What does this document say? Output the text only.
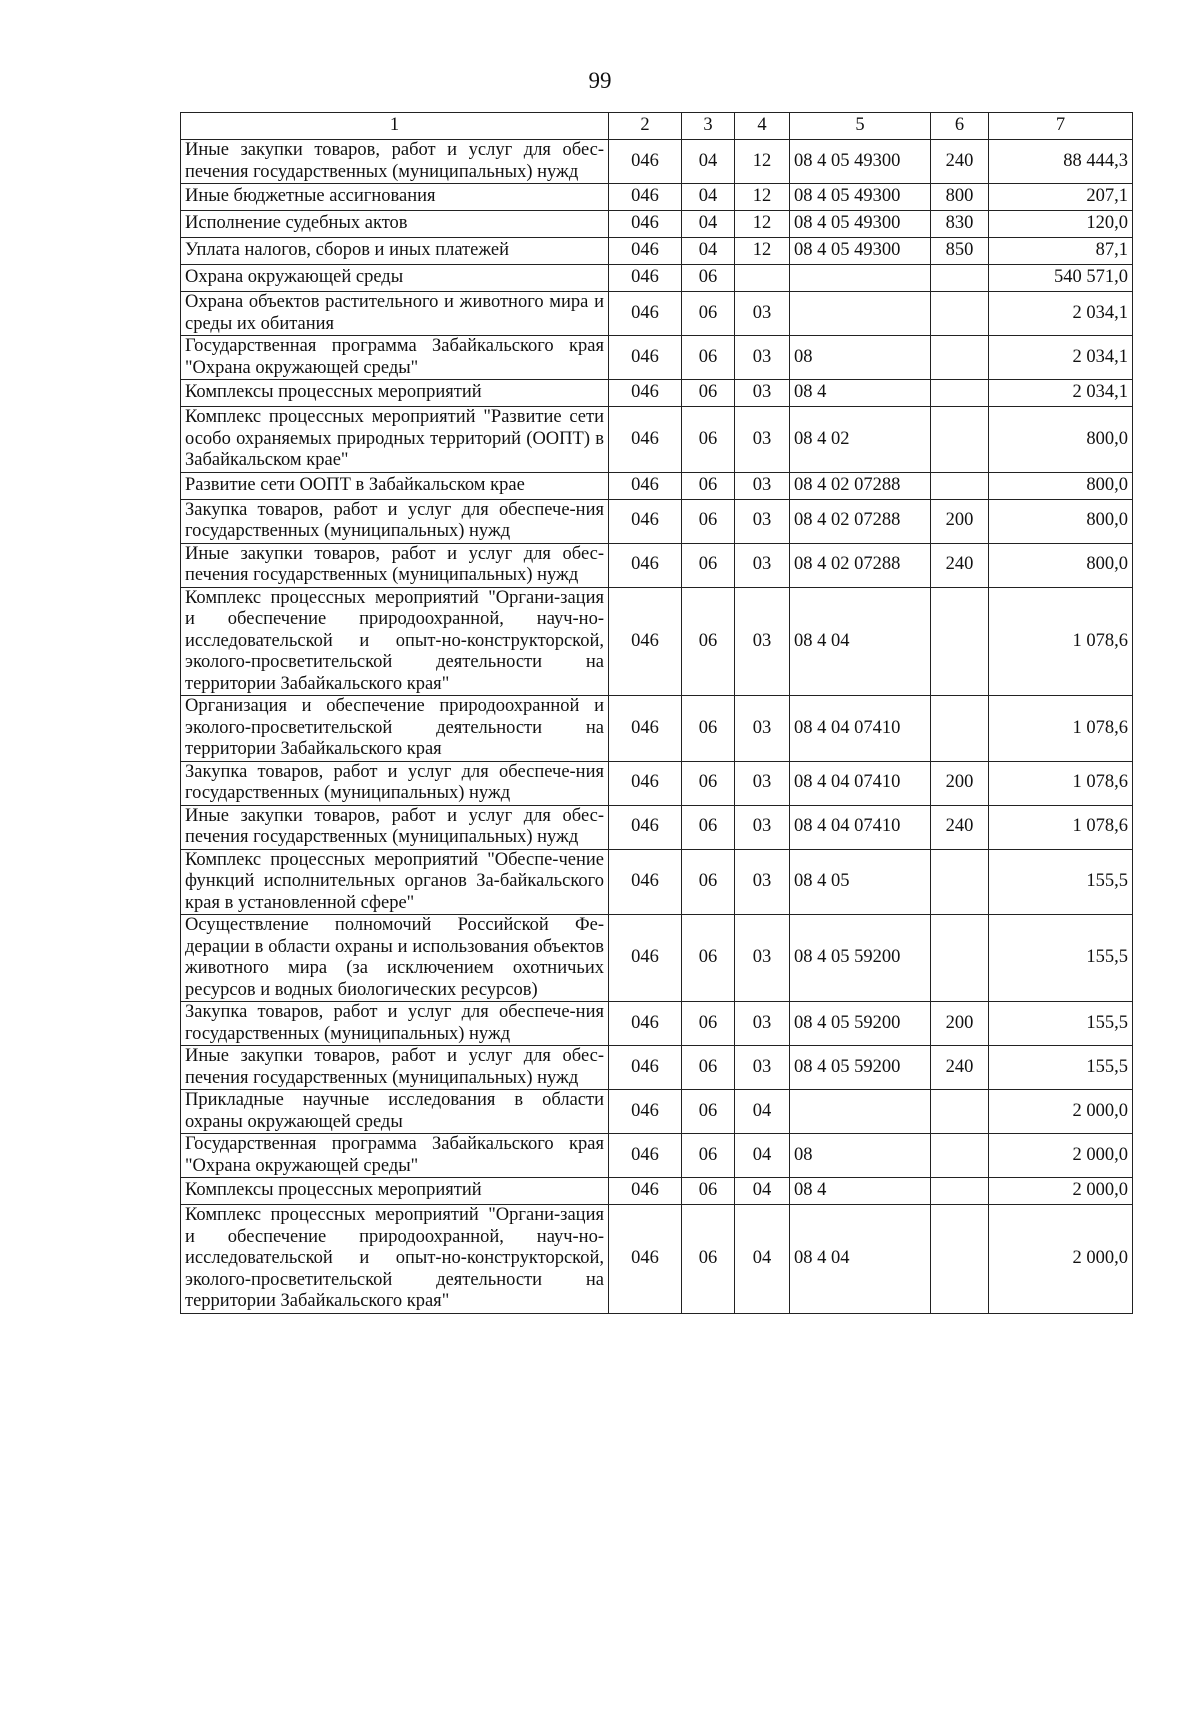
99
1	2	3	4	5	6	7
Иные закупки товаров, работ и услуг для обес-печения государственных (муниципальных) нужд	046	04	12	08 4 05 49300	240	88 444,3
Иные бюджетные ассигнования	046	04	12	08 4 05 49300	800	207,1
Исполнение судебных актов	046	04	12	08 4 05 49300	830	120,0
Уплата налогов, сборов и иных платежей	046	04	12	08 4 05 49300	850	87,1
Охрана окружающей среды	046	06				540 571,0
Охрана объектов растительного и животного мира и среды их обитания	046	06	03			2 034,1
Государственная программа Забайкальского края "Охрана окружающей среды"	046	06	03	08		2 034,1
Комплексы процессных мероприятий	046	06	03	08 4		2 034,1
Комплекс процессных мероприятий "Развитие сети особо охраняемых природных территорий (ООПТ) в Забайкальском крае"	046	06	03	08 4 02		800,0
Развитие сети ООПТ в Забайкальском крае	046	06	03	08 4 02 07288		800,0
Закупка товаров, работ и услуг для обеспече-ния государственных (муниципальных) нужд	046	06	03	08 4 02 07288	200	800,0
Иные закупки товаров, работ и услуг для обес-печения государственных (муниципальных) нужд	046	06	03	08 4 02 07288	240	800,0
Комплекс процессных мероприятий "Органи-зация и обеспечение природоохранной, науч-но-исследовательской и опыт-но-конструкторской, эколого-просветительской деятельности на территории Забайкальского края"	046	06	03	08 4 04		1 078,6
Организация и обеспечение природоохранной и эколого-просветительской деятельности на территории Забайкальского края	046	06	03	08 4 04 07410		1 078,6
Закупка товаров, работ и услуг для обеспече-ния государственных (муниципальных) нужд	046	06	03	08 4 04 07410	200	1 078,6
Иные закупки товаров, работ и услуг для обес-печения государственных (муниципальных) нужд	046	06	03	08 4 04 07410	240	1 078,6
Комплекс процессных мероприятий "Обеспе-чение функций исполнительных органов За-байкальского края в установленной сфере"	046	06	03	08 4 05		155,5
Осуществление полномочий Российской Фе-дерации в области охраны и использования объектов животного мира (за исключением охотничьих ресурсов и водных биологических ресурсов)	046	06	03	08 4 05 59200		155,5
Закупка товаров, работ и услуг для обеспече-ния государственных (муниципальных) нужд	046	06	03	08 4 05 59200	200	155,5
Иные закупки товаров, работ и услуг для обес-печения государственных (муниципальных) нужд	046	06	03	08 4 05 59200	240	155,5
Прикладные научные исследования в области охраны окружающей среды	046	06	04			2 000,0
Государственная программа Забайкальского края "Охрана окружающей среды"	046	06	04	08		2 000,0
Комплексы процессных мероприятий	046	06	04	08 4		2 000,0
Комплекс процессных мероприятий "Органи-зация и обеспечение природоохранной, науч-но-исследовательской и опыт-но-конструкторской, эколого-просветительской деятельности на территории Забайкальского края"	046	06	04	08 4 04		2 000,0
